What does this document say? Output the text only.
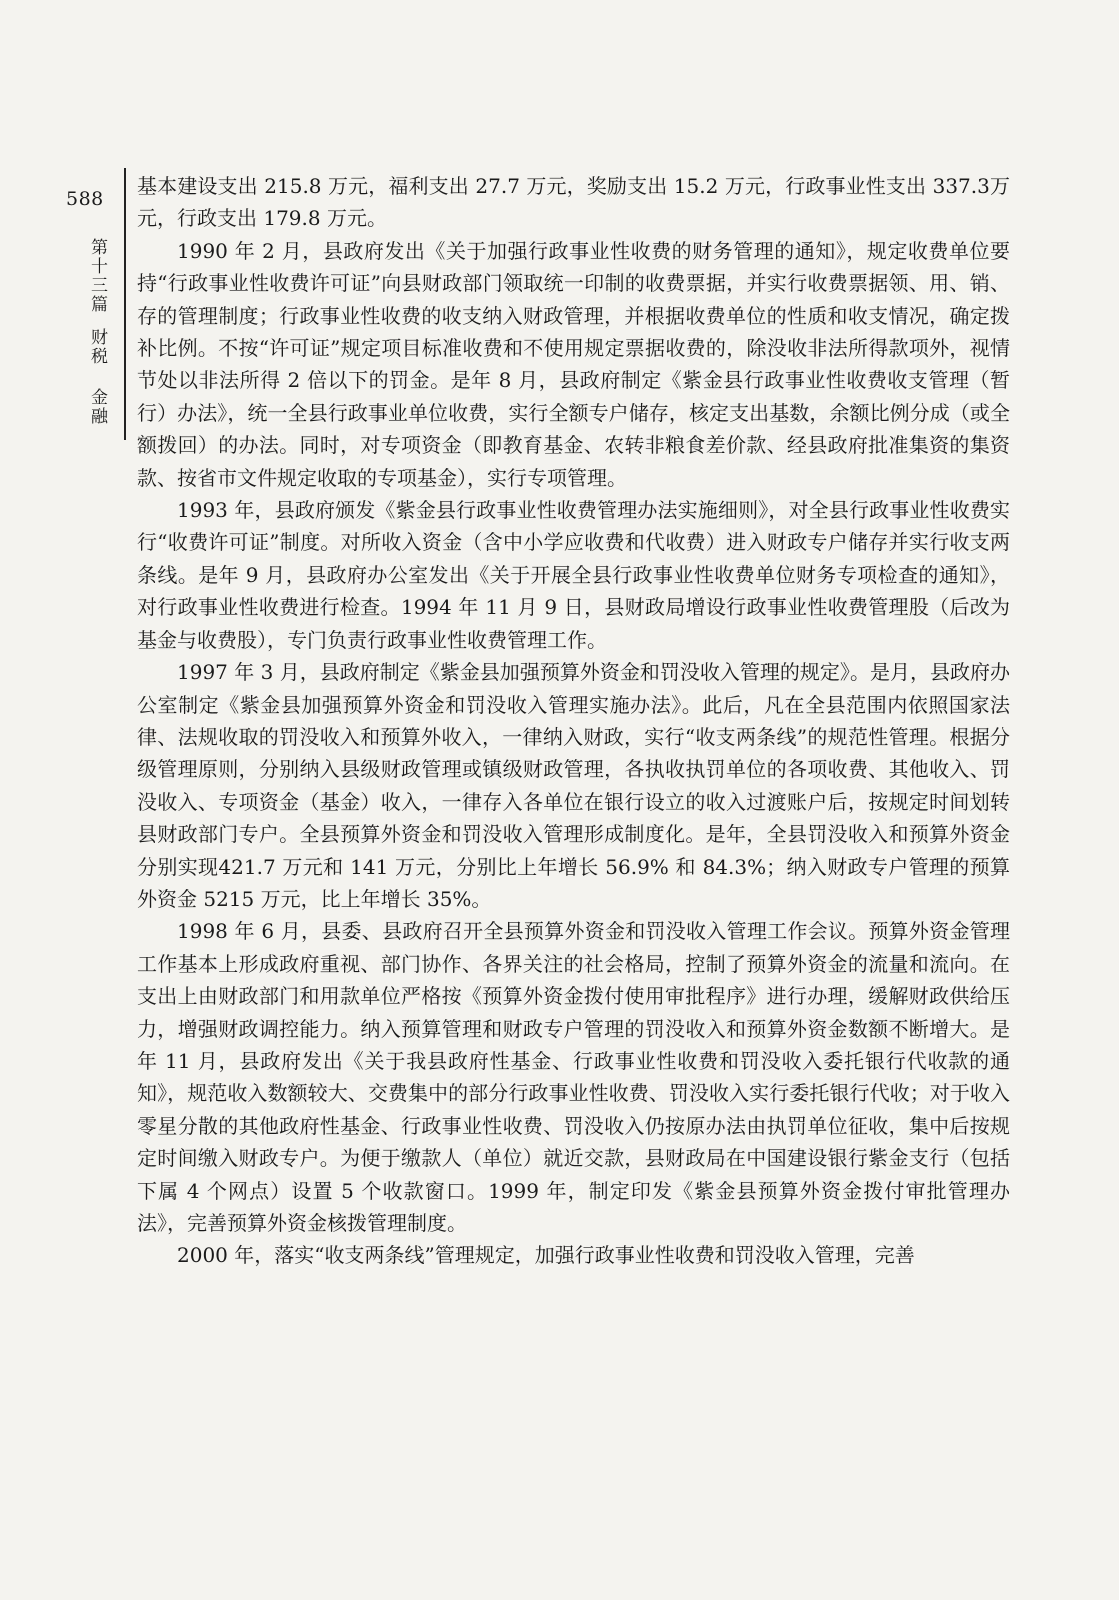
588
第十三篇财税 金融

基本建设支出 215.8 万元，福利支出 27.7 万元，奖励支出 15.2 万元，行政事业性支出 337.3万元，行政支出 179.8 万元。

1990 年 2 月，县政府发出《关于加强行政事业性收费的财务管理的通知》，规定收费单位要持“行政事业性收费许可证”向县财政部门领取统一印制的收费票据，并实行收费票据领、用、销、存的管理制度；行政事业性收费的收支纳入财政管理，并根据收费单位的性质和收支情况，确定拨补比例。不按“许可证”规定项目标准收费和不使用规定票据收费的，除没收非法所得款项外，视情节处以非法所得 2 倍以下的罚金。是年 8 月，县政府制定《紫金县行政事业性收费收支管理（暂行）办法》，统一全县行政事业单位收费，实行全额专户储存，核定支出基数，余额比例分成（或全额拨回）的办法。同时，对专项资金（即教育基金、农转非粮食差价款、经县政府批准集资的集资款、按省市文件规定收取的专项基金），实行专项管理。

1993 年，县政府颁发《紫金县行政事业性收费管理办法实施细则》，对全县行政事业性收费实行“收费许可证”制度。对所收入资金（含中小学应收费和代收费）进入财政专户储存并实行收支两条线。是年 9 月，县政府办公室发出《关于开展全县行政事业性收费单位财务专项检查的通知》，对行政事业性收费进行检查。1994 年 11 月 9 日，县财政局增设行政事业性收费管理股（后改为基金与收费股），专门负责行政事业性收费管理工作。

1997 年 3 月，县政府制定《紫金县加强预算外资金和罚没收入管理的规定》。是月，县政府办公室制定《紫金县加强预算外资金和罚没收入管理实施办法》。此后，凡在全县范围内依照国家法律、法规收取的罚没收入和预算外收入，一律纳入财政，实行“收支两条线”的规范性管理。根据分级管理原则，分别纳入县级财政管理或镇级财政管理，各执收执罚单位的各项收费、其他收入、罚没收入、专项资金（基金）收入，一律存入各单位在银行设立的收入过渡账户后，按规定时间划转县财政部门专户。全县预算外资金和罚没收入管理形成制度化。是年，全县罚没收入和预算外资金分别实现421.7 万元和 141 万元，分别比上年增长 56.9% 和 84.3%；纳入财政专户管理的预算外资金 5215 万元，比上年增长 35%。

1998 年 6 月，县委、县政府召开全县预算外资金和罚没收入管理工作会议。预算外资金管理工作基本上形成政府重视、部门协作、各界关注的社会格局，控制了预算外资金的流量和流向。在支出上由财政部门和用款单位严格按《预算外资金拨付使用审批程序》进行办理，缓解财政供给压力，增强财政调控能力。纳入预算管理和财政专户管理的罚没收入和预算外资金数额不断增大。是年 11 月，县政府发出《关于我县政府性基金、行政事业性收费和罚没收入委托银行代收款的通知》，规范收入数额较大、交费集中的部分行政事业性收费、罚没收入实行委托银行代收；对于收入零星分散的其他政府性基金、行政事业性收费、罚没收入仍按原办法由执罚单位征收，集中后按规定时间缴入财政专户。为便于缴款人（单位）就近交款，县财政局在中国建设银行紫金支行（包括下属 4 个网点）设置 5 个收款窗口。1999 年，制定印发《紫金县预算外资金拨付审批管理办法》，完善预算外资金核拨管理制度。

2000 年，落实“收支两条线”管理规定，加强行政事业性收费和罚没收入管理，完善
